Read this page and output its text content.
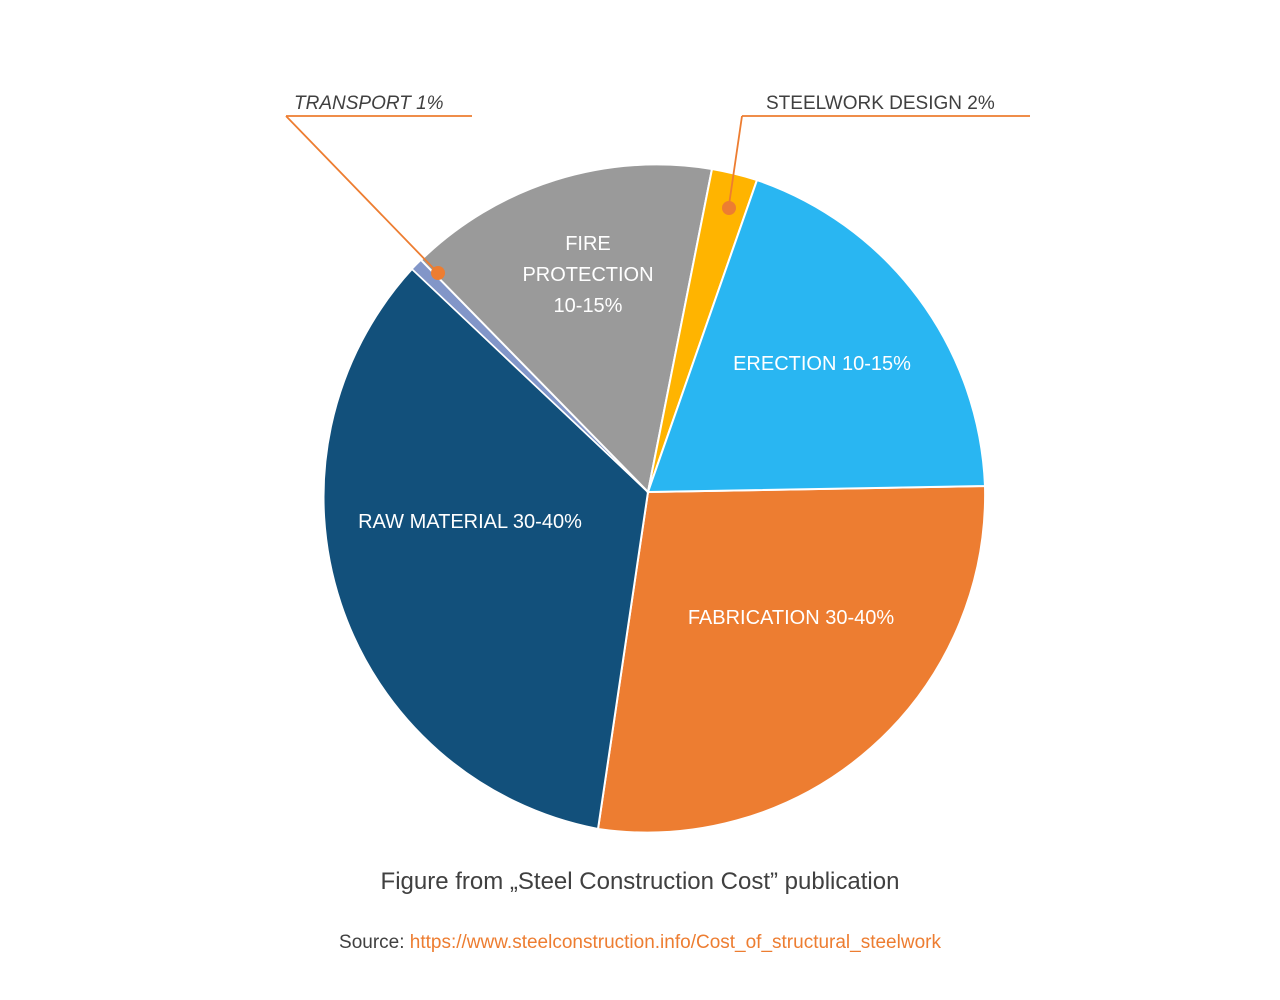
RAW MATERIAL 30-40%
FABRICATION 30-40%
ERECTION 10-15%
FIRE
PROTECTION
10-15%
TRANSPORT 1%	STEELWORK DESIGN 2%
Figure from „Steel Construction Cost” publication
Source: https://www.steelconstruction.info/Cost_of_structural_steelwork
